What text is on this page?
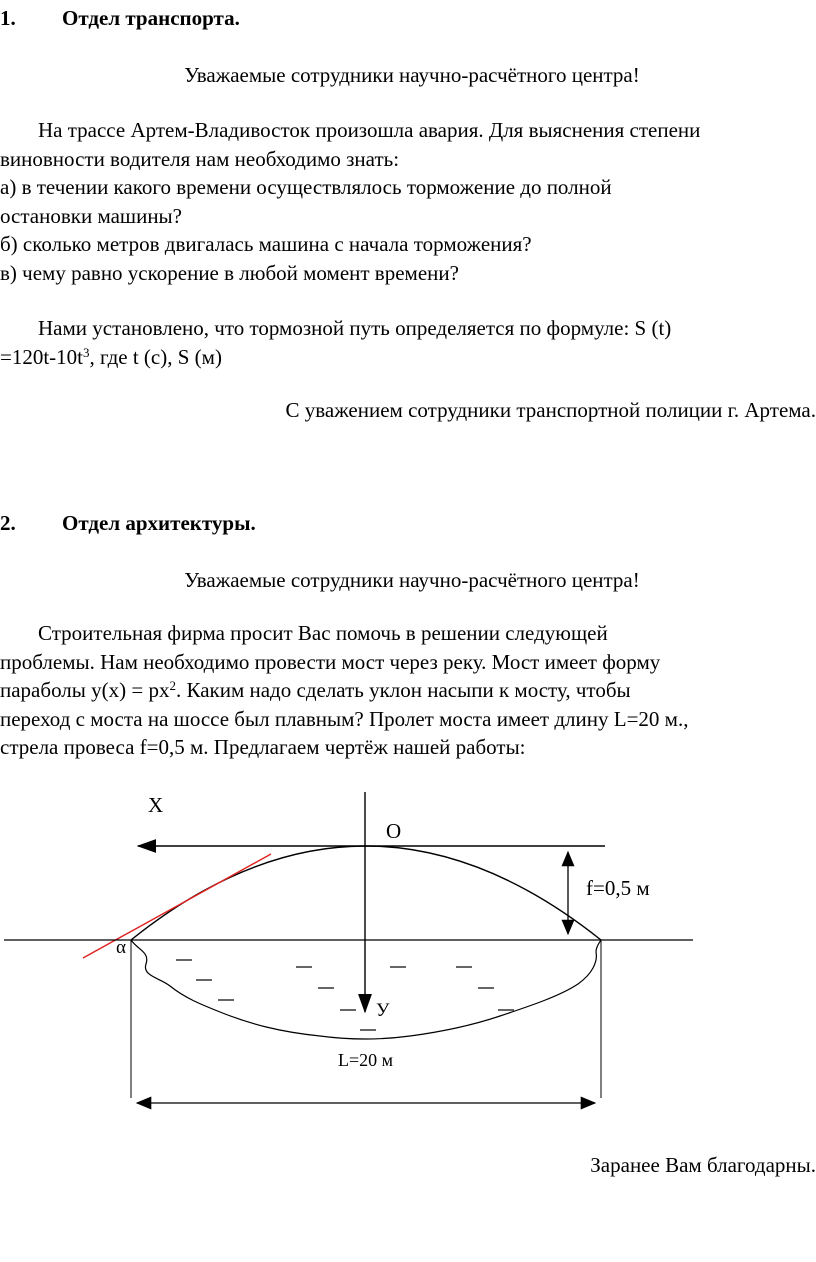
1. Отдел транспорта.
Уважаемые сотрудники научно-расчётного центра!
На трассе Артем-Владивосток произошла авария. Для выяснения степени
виновности водителя нам необходимо знать:
а) в течении какого времени осуществлялось торможение до полной
остановки машины?
б) сколько метров двигалась машина с начала торможения?
в) чему равно ускорение в любой момент времени?
Нами установлено, что тормозной путь определяется по формуле: S (t)
$=120t-10t^3$, где t (с), S (м)
С уважением сотрудники транспортной полиции г. Артема.
2. Отдел архитектуры.
Уважаемые сотрудники научно-расчётного центра!
Строительная фирма просит Вас помочь в решении следующей
проблемы. Нам необходимо провести мост через реку. Мост имеет форму
параболы $y(x) = px^2$. Каким надо сделать уклон насыпи к мосту, чтобы
переход с моста на шоссе был плавным? Пролет моста имеет длину L=20 м.,
стрела провеса f=0,5 м. Предлагаем чертёж нашей работы:
X
O
f=0,5 м
α
У
L=20 м
Заранее Вам благодарны.
